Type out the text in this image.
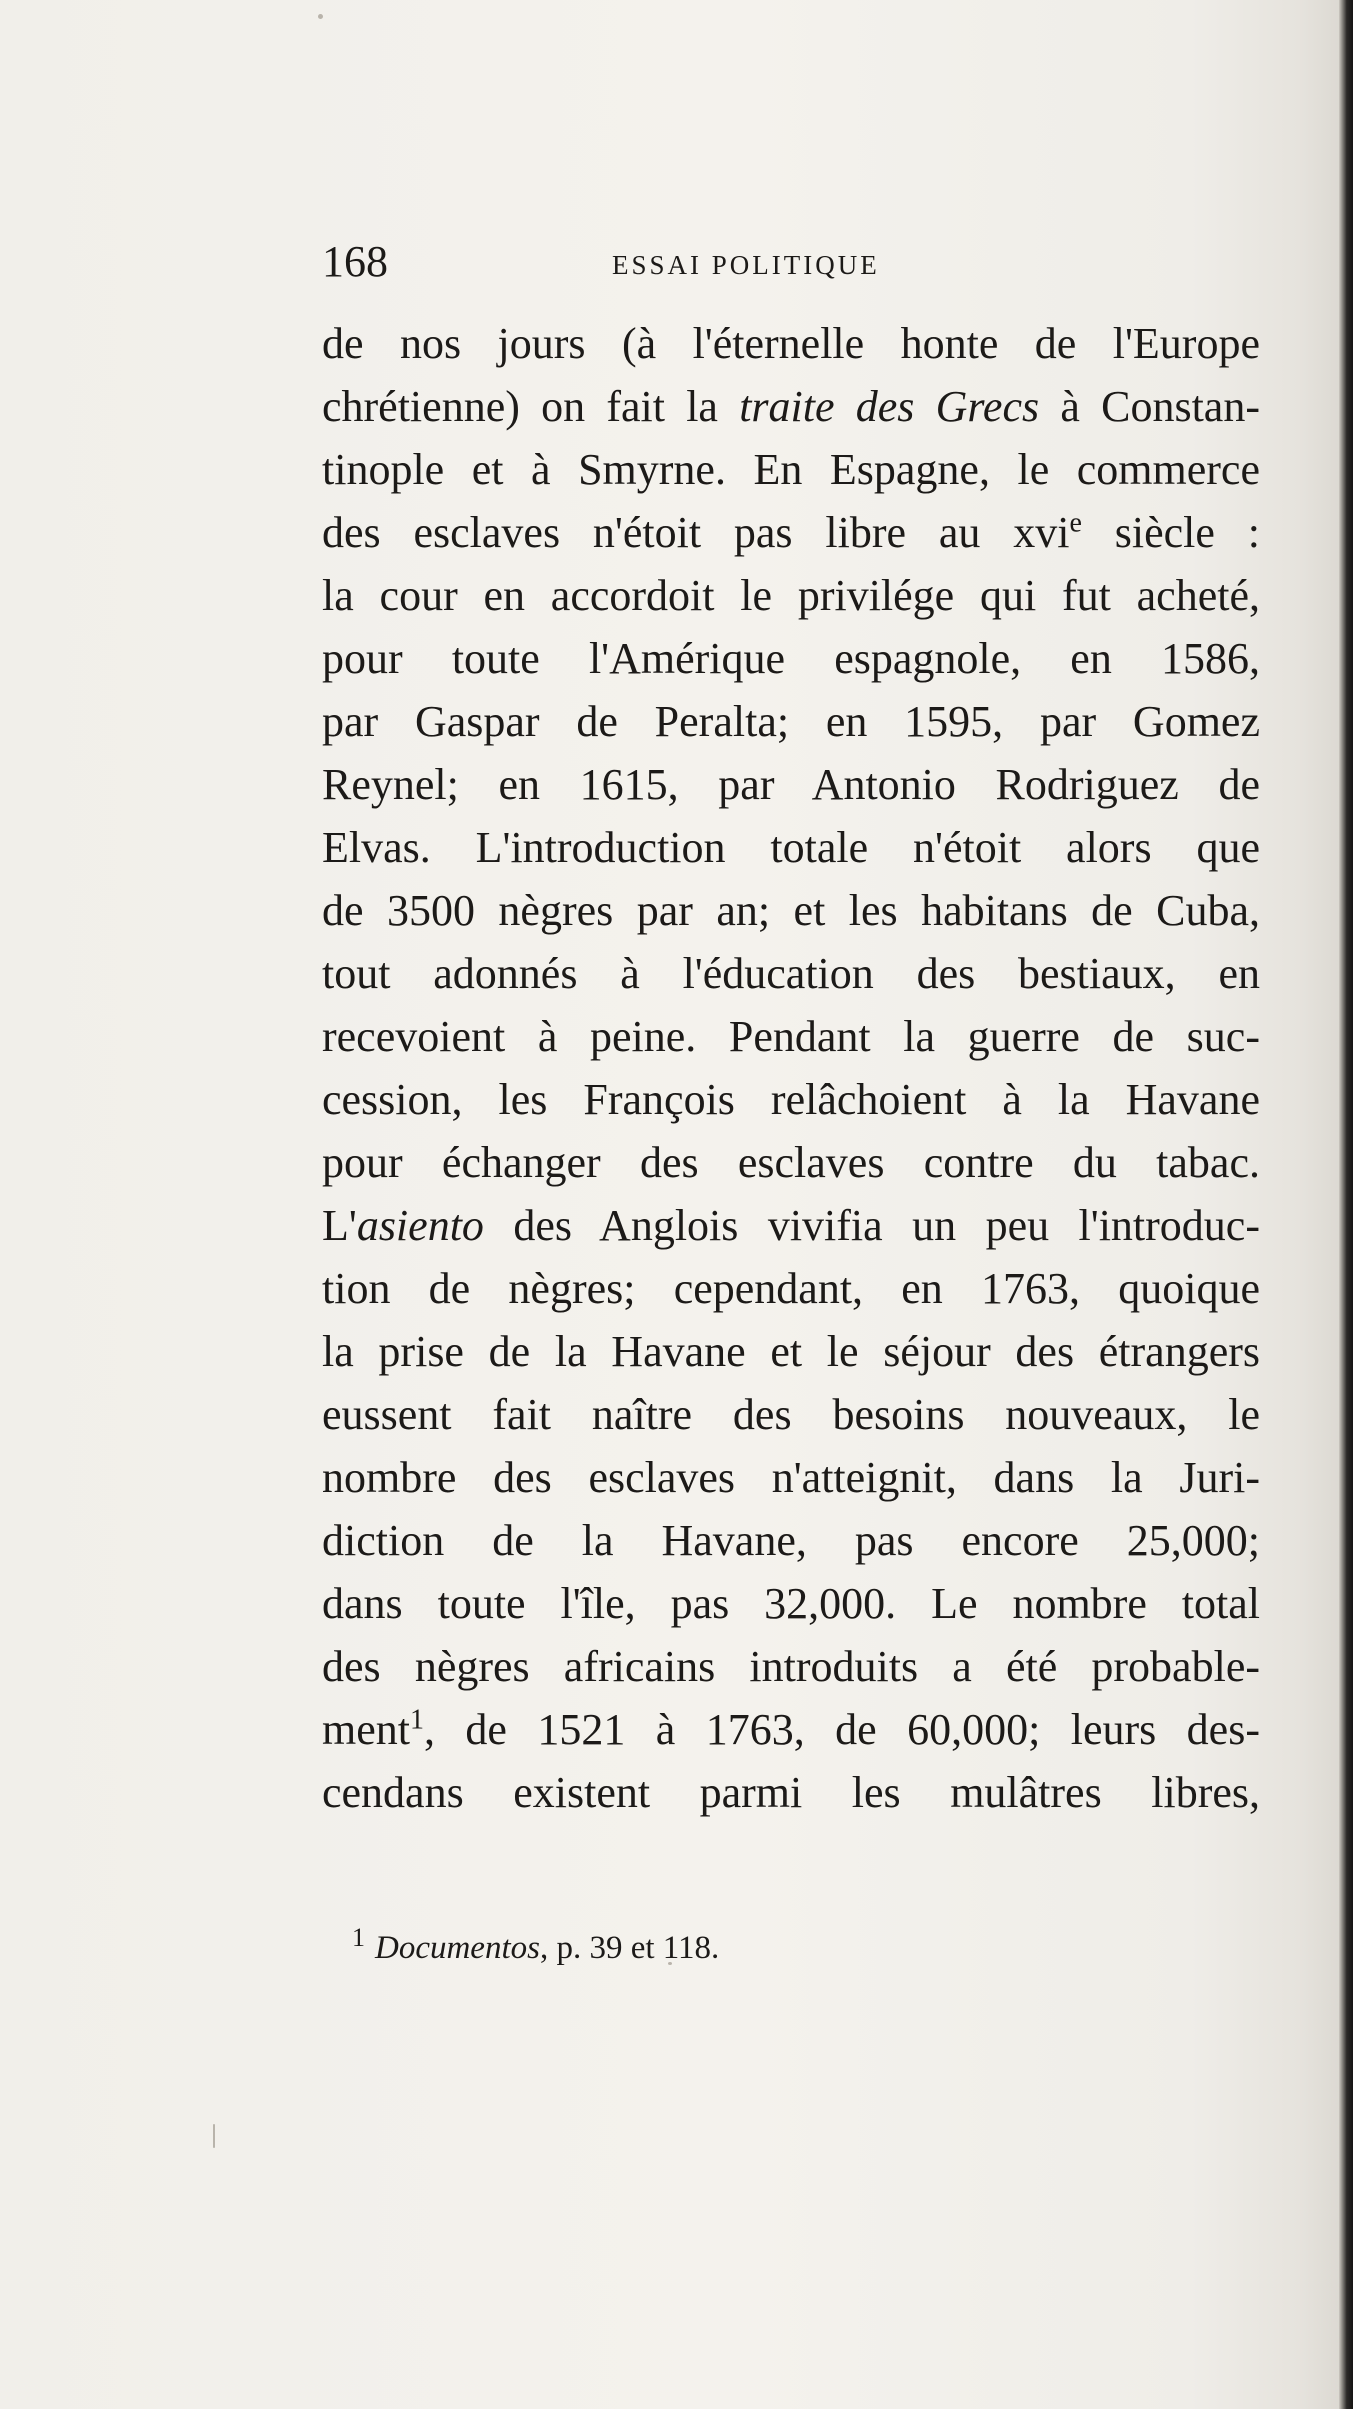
168	ESSAI POLITIQUE
de nos jours (à l'éternelle honte de l'Europe
chrétienne) on fait la traite des Grecs à Constan-
tinople et à Smyrne. En Espagne, le commerce
des esclaves n'étoit pas libre au xvi$^e$ siècle :
la cour en accordoit le privilége qui fut acheté,
pour toute l'Amérique espagnole, en 1586,
par Gaspar de Peralta; en 1595, par Gomez
Reynel; en 1615, par Antonio Rodriguez de
Elvas. L'introduction totale n'étoit alors que
de 3500 nègres par an; et les habitans de Cuba,
tout adonnés à l'éducation des bestiaux, en
recevoient à peine. Pendant la guerre de suc-
cession, les François relâchoient à la Havane
pour échanger des esclaves contre du tabac.
L'asiento des Anglois vivifia un peu l'introduc-
tion de nègres; cependant, en 1763, quoique
la prise de la Havane et le séjour des étrangers
eussent fait naître des besoins nouveaux, le
nombre des esclaves n'atteignit, dans la Juri-
diction de la Havane, pas encore 25,000;
dans toute l'île, pas 32,000. Le nombre total
des nègres africains introduits a été probable-
ment$^1$, de 1521 à 1763, de 60,000; leurs des-
cendans existent parmi les mulâtres libres,
$^1$ Documentos, p. 39 et 118.
